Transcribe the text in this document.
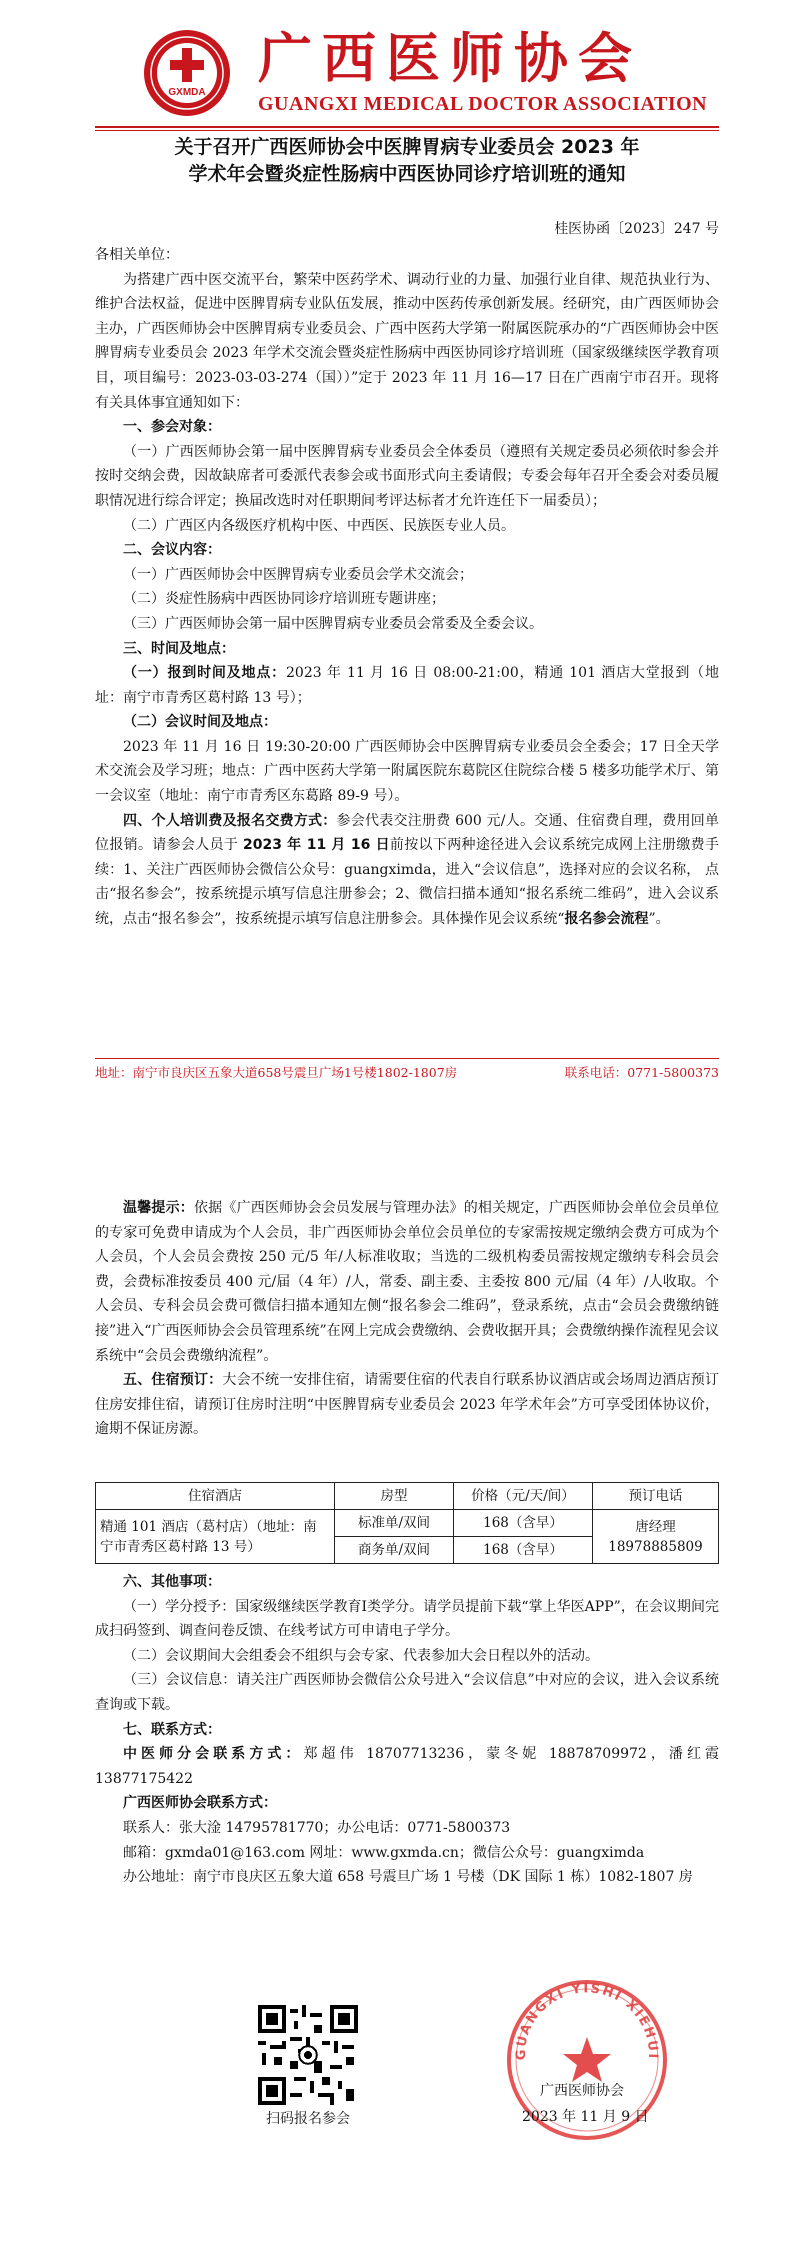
GXMDA
广西医师协会
GUANGXI MEDICAL DOCTOR ASSOCIATION
关于召开广西医师协会中医脾胃病专业委员会 2023 年
学术年会暨炎症性肠病中西医协同诊疗培训班的通知
桂医协函〔2023〕247 号

各相关单位：

为搭建广西中医交流平台，繁荣中医药学术、调动行业的力量、加强行业自律、规范执业行为、维护合法权益，促进中医脾胃病专业队伍发展，推动中医药传承创新发展。经研究，由广西医师协会主办，广西医师协会中医脾胃病专业委员会、广西中医药大学第一附属医院承办的“广西医师协会中医脾胃病专业委员会 2023 年学术交流会暨炎症性肠病中西医协同诊疗培训班（国家级继续医学教育项目，项目编号：2023-03-03-274（国））”定于 2023 年 11 月 16—17 日在广西南宁市召开。现将有关具体事宜通知如下：

一、参会对象：

（一）广西医师协会第一届中医脾胃病专业委员会全体委员（遵照有关规定委员必须依时参会并按时交纳会费，因故缺席者可委派代表参会或书面形式向主委请假；专委会每年召开全委会对委员履职情况进行综合评定；换届改选时对任职期间考评达标者才允许连任下一届委员）；

（二）广西区内各级医疗机构中医、中西医、民族医专业人员。

二、会议内容：

（一）广西医师协会中医脾胃病专业委员会学术交流会；

（二）炎症性肠病中西医协同诊疗培训班专题讲座；

（三）广西医师协会第一届中医脾胃病专业委员会常委及全委会议。

三、时间及地点：

（一）报到时间及地点：2023 年 11 月 16 日 08:00-21:00，精通 101 酒店大堂报到（地址：南宁市青秀区葛村路 13 号）；

（二）会议时间及地点：

2023 年 11 月 16 日 19:30-20:00 广西医师协会中医脾胃病专业委员会全委会；17 日全天学术交流会及学习班；地点：广西中医药大学第一附属医院东葛院区住院综合楼 5 楼多功能学术厅、第一会议室（地址：南宁市青秀区东葛路 89-9 号）。

四、个人培训费及报名交费方式：参会代表交注册费 600 元/人。交通、住宿费自理，费用回单位报销。请参会人员于 2023 年 11 月 16 日前按以下两种途径进入会议系统完成网上注册缴费手续：1、关注广西医师协会微信公众号：guangximda，进入“会议信息”，选择对应的会议名称， 点击“报名参会”，按系统提示填写信息注册参会；2、微信扫描本通知“报名系统二维码”，进入会议系统，点击“报名参会”，按系统提示填写信息注册参会。具体操作见会议系统“报名参会流程”。

地址：南宁市良庆区五象大道658号震旦广场1号楼1802-1807房	联系电话：0771-5800373

温馨提示：依据《广西医师协会会员发展与管理办法》的相关规定，广西医师协会单位会员单位的专家可免费申请成为个人会员，非广西医师协会单位会员单位的专家需按规定缴纳会费方可成为个人会员，个人会员会费按 250 元/5 年/人标准收取；当选的二级机构委员需按规定缴纳专科会员会费，会费标准按委员 400 元/届（4 年）/人，常委、副主委、主委按 800 元/届（4 年）/人收取。个人会员、专科会员会费可微信扫描本通知左侧“报名参会二维码”，登录系统，点击“会员会费缴纳链接”进入“广西医师协会会员管理系统”在网上完成会费缴纳、会费收据开具；会费缴纳操作流程见会议系统中“会员会费缴纳流程”。

五、住宿预订：大会不统一安排住宿，请需要住宿的代表自行联系协议酒店或会场周边酒店预订住房安排住宿，请预订住房时注明“中医脾胃病专业委员会 2023 年学术年会”方可享受团体协议价，逾期不保证房源。

住宿酒店	房型	价格（元/天/间）	预订电话
精通 101 酒店（葛村店）（地址：南宁市青秀区葛村路 13 号）	标准单/双间	168（含早）	唐经理
18978885809

	商务单/双间	168（含早）	

六、其他事项：

（一）学分授予：国家级继续医学教育Ⅰ类学分。请学员提前下载“掌上华医APP”，在会议期间完成扫码签到、调查问卷反馈、在线考试方可申请电子学分。

（二）会议期间大会组委会不组织与会专家、代表参加大会日程以外的活动。

（三）会议信息：请关注广西医师协会微信公众号进入“会议信息”中对应的会议，进入会议系统查询或下载。

七、联系方式：

中医师分会联系方式：郑超伟 18707713236，蒙冬妮 18878709972，潘红霞 13877175422

广西医师协会联系方式：

联系人：张大淦 14795781770；办公电话：0771-5800373

邮箱：gxmda01@163.com 网址：www.gxmda.cn；微信公众号：guangximda

办公地址：南宁市良庆区五象大道 658 号震旦广场 1 号楼（DK 国际 1 栋）1082-1807 房

扫码报名参会
GUANGXI YISHI XIEHUI
广西医师协会
2023 年 11 月 9 日
